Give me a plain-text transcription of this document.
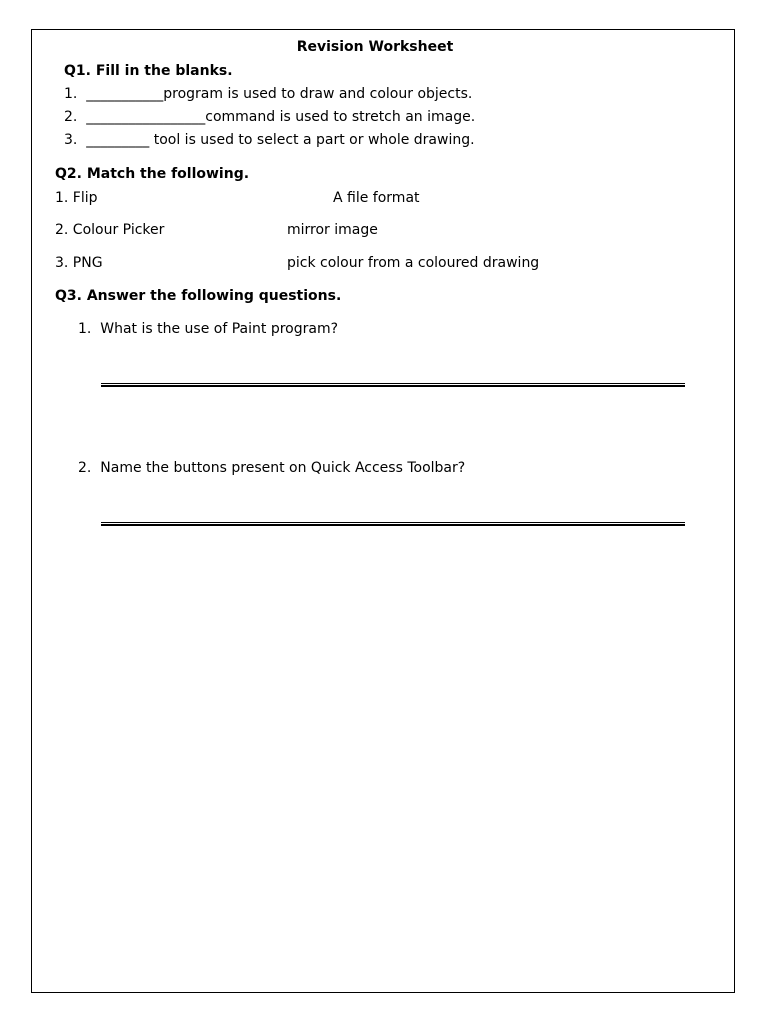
Revision Worksheet
Q1. Fill in the blanks.
1. ___________program is used to draw and colour objects.
2. _________________command is used to stretch an image.
3. _________ tool is used to select a part or whole drawing.
Q2. Match the following.
1. Flip	A file format
2. Colour Picker	mirror image
3. PNG	pick colour from a coloured drawing
Q3. Answer the following questions.
1. What is the use of Paint program?
2. Name the buttons present on Quick Access Toolbar?
